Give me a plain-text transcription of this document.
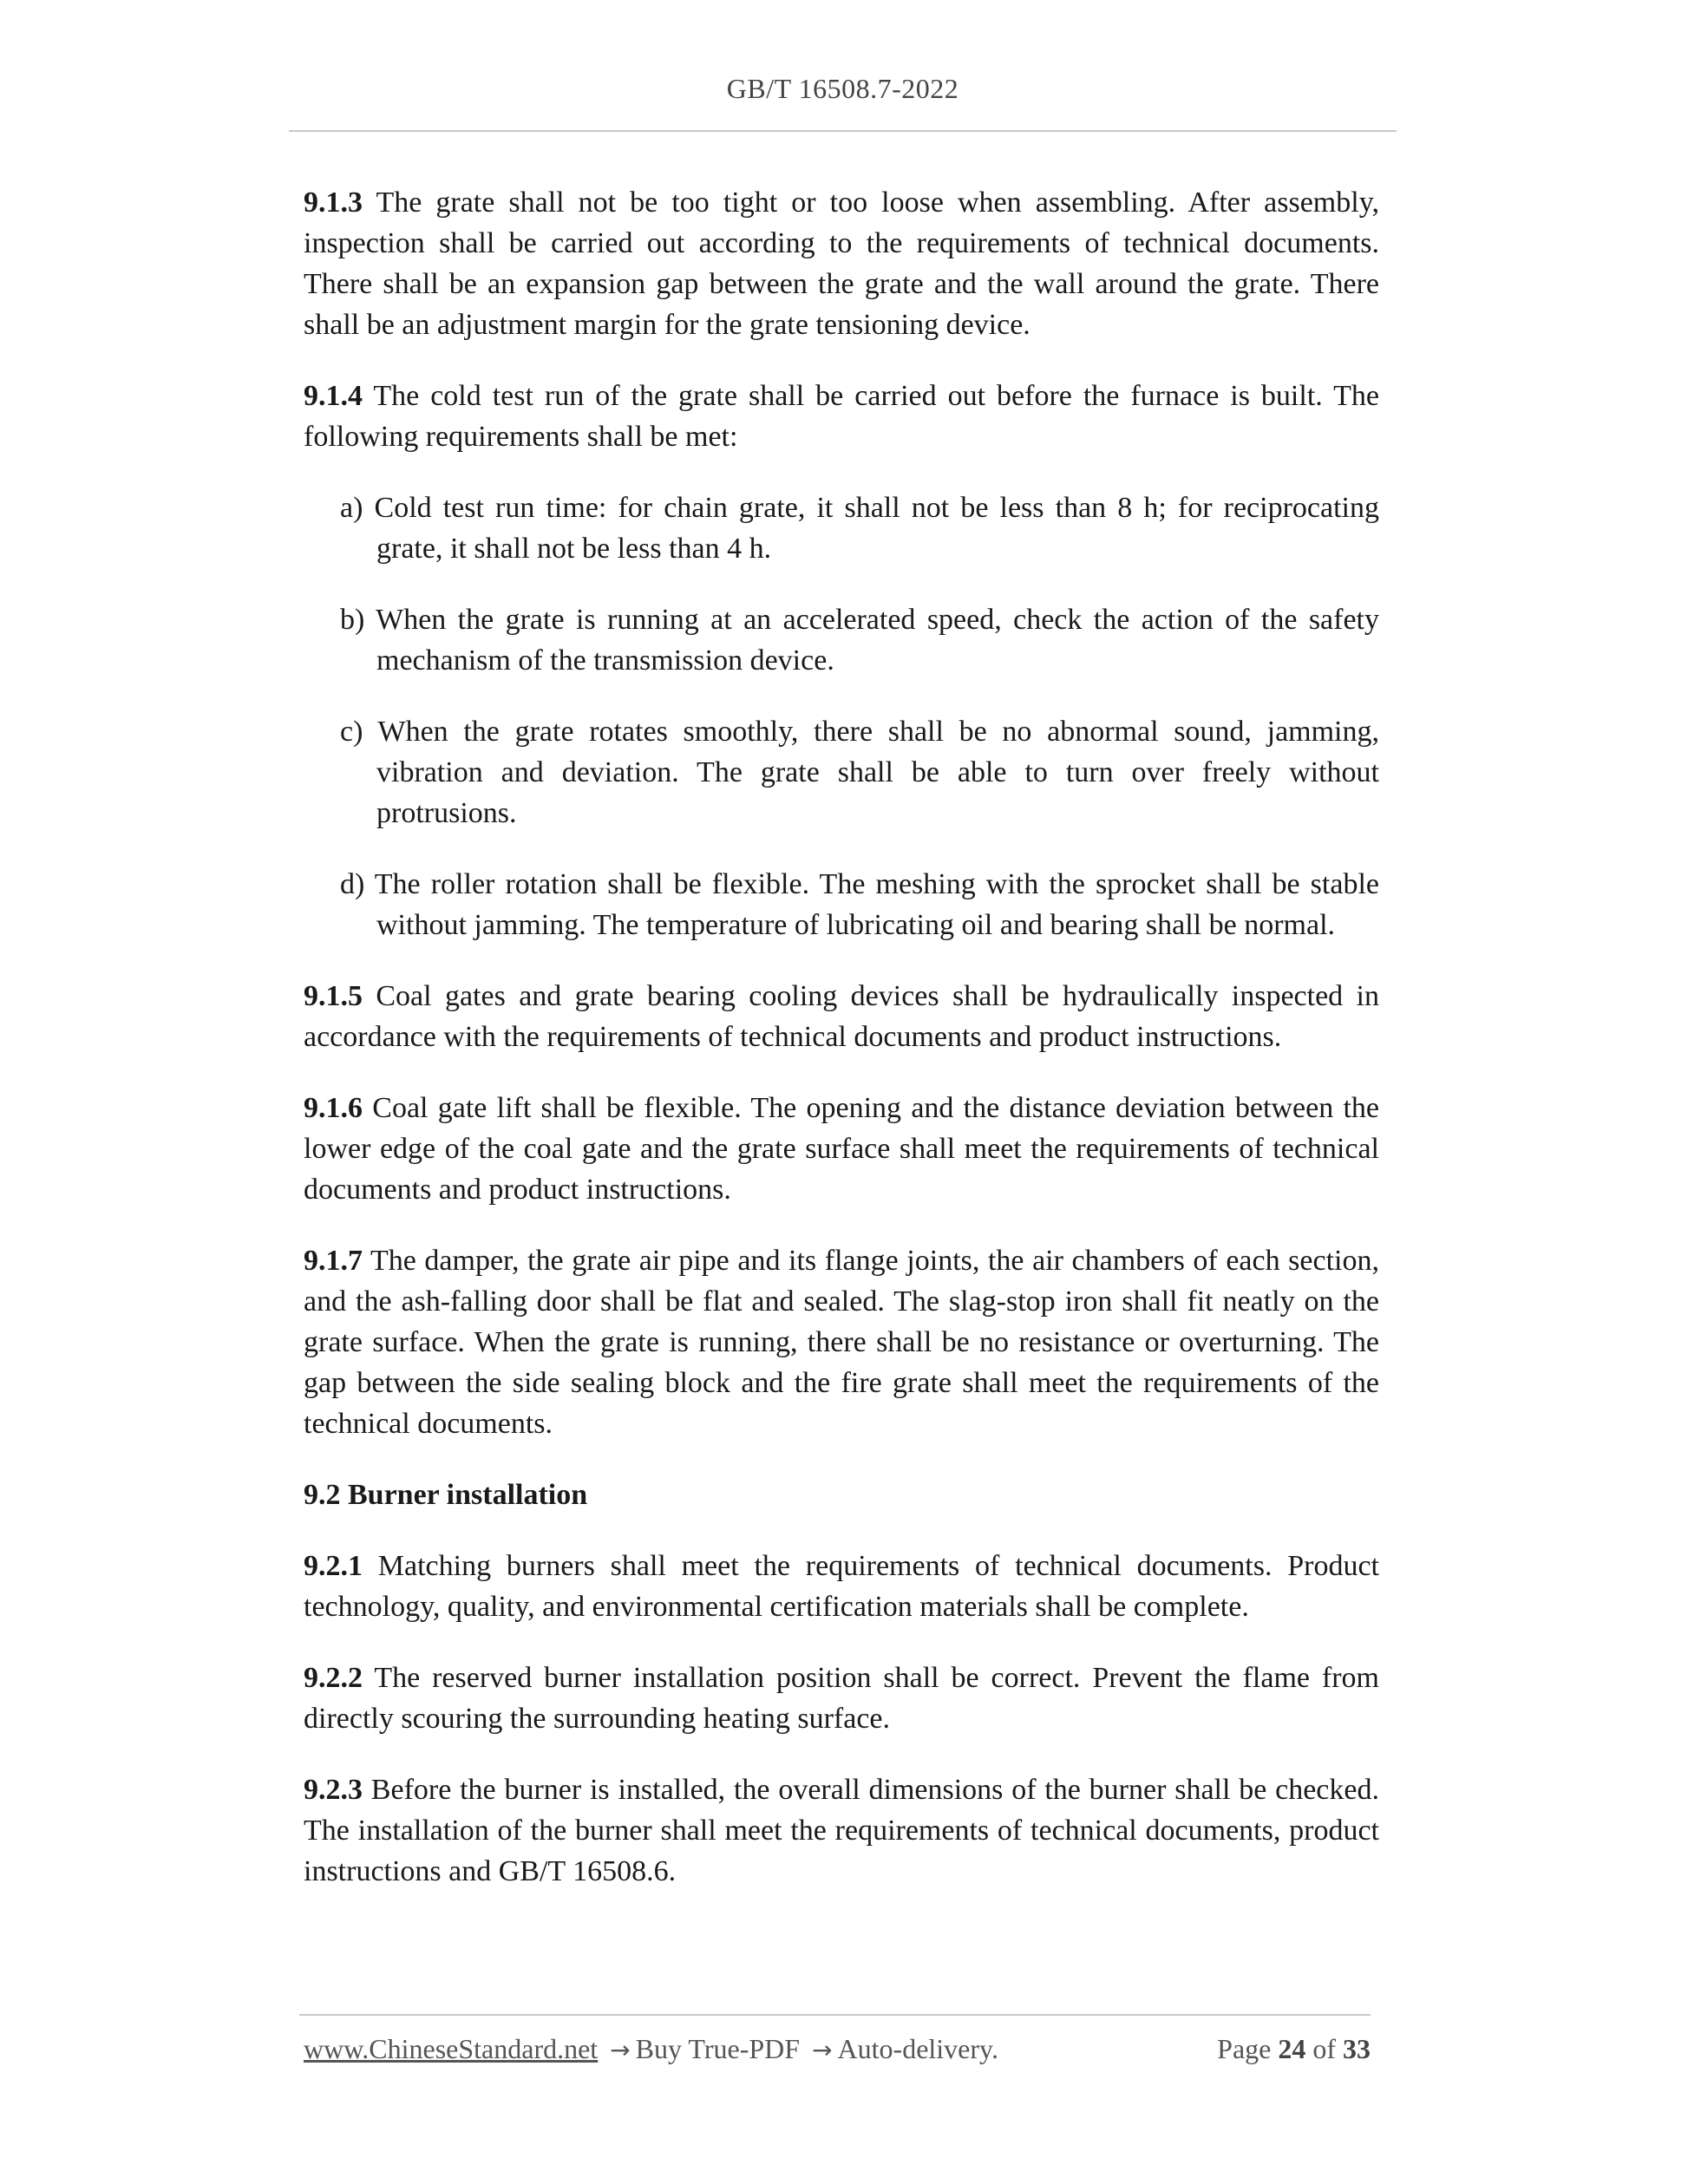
GB/T 16508.7-2022

9.1.3 The grate shall not be too tight or too loose when assembling. After assembly, inspection shall be carried out according to the requirements of technical documents. There shall be an expansion gap between the grate and the wall around the grate. There shall be an adjustment margin for the grate tensioning device.

9.1.4 The cold test run of the grate shall be carried out before the furnace is built. The following requirements shall be met:

a) Cold test run time: for chain grate, it shall not be less than 8 h; for reciprocating grate, it shall not be less than 4 h.

b) When the grate is running at an accelerated speed, check the action of the safety mechanism of the transmission device.

c) When the grate rotates smoothly, there shall be no abnormal sound, jamming, vibration and deviation. The grate shall be able to turn over freely without protrusions.

d) The roller rotation shall be flexible. The meshing with the sprocket shall be stable without jamming. The temperature of lubricating oil and bearing shall be normal.

9.1.5 Coal gates and grate bearing cooling devices shall be hydraulically inspected in accordance with the requirements of technical documents and product instructions.

9.1.6 Coal gate lift shall be flexible. The opening and the distance deviation between the lower edge of the coal gate and the grate surface shall meet the requirements of technical documents and product instructions.

9.1.7 The damper, the grate air pipe and its flange joints, the air chambers of each section, and the ash-falling door shall be flat and sealed. The slag-stop iron shall fit neatly on the grate surface. When the grate is running, there shall be no resistance or overturning. The gap between the side sealing block and the fire grate shall meet the requirements of the technical documents.

9.2 Burner installation

9.2.1 Matching burners shall meet the requirements of technical documents. Product technology, quality, and environmental certification materials shall be complete.

9.2.2 The reserved burner installation position shall be correct. Prevent the flame from directly scouring the surrounding heating surface.

9.2.3 Before the burner is installed, the overall dimensions of the burner shall be checked. The installation of the burner shall meet the requirements of technical documents, product instructions and GB/T 16508.6.

www.ChineseStandard.net → Buy True-PDF → Auto-delivery.	Page 24 of 33
